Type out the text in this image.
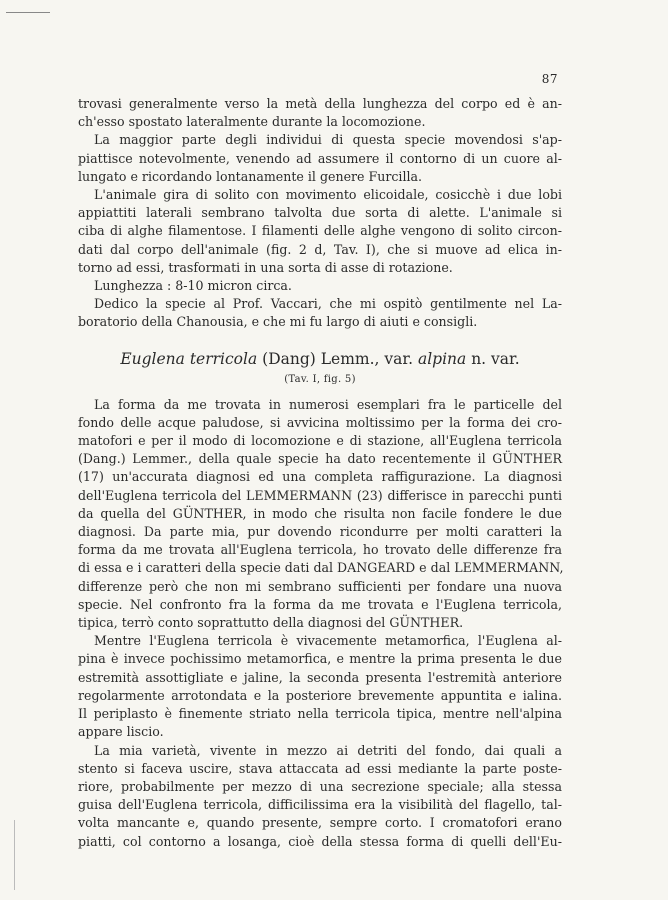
87
trovasi generalmente verso la metà della lunghezza del corpo ed è an-
ch'esso spostato lateralmente durante la locomozione.
La maggior parte degli individui di questa specie movendosi s'ap-
piattisce notevolmente, venendo ad assumere il contorno di un cuore al-
lungato e ricordando lontanamente il genere Furcilla.
L'animale gira di solito con movimento elicoidale, cosicchè i due lobi
appiattiti laterali sembrano talvolta due sorta di alette. L'animale si
ciba di alghe filamentose. I filamenti delle alghe vengono di solito circon-
dati dal corpo dell'animale (fig. 2 d, Tav. I), che si muove ad elica in-
torno ad essi, trasformati in una sorta di asse di rotazione.
Lunghezza : 8-10 micron circa.
Dedico la specie al Prof. Vaccari, che mi ospitò gentilmente nel La-
boratorio della Chanousia, e che mi fu largo di aiuti e consigli.
Euglena terricola (Dang) Lemm., var. alpina n. var.
(Tav. I, fig. 5)
La forma da me trovata in numerosi esemplari fra le particelle del
fondo delle acque paludose, si avvicina moltissimo per la forma dei cro-
matofori e per il modo di locomozione e di stazione, all'Euglena terricola
(Dang.) Lemmer., della quale specie ha dato recentemente il GÜNTHER
(17) un'accurata diagnosi ed una completa raffigurazione. La diagnosi
dell'Euglena terricola del LEMMERMANN (23) differisce in parecchi punti
da quella del GÜNTHER, in modo che risulta non facile fondere le due
diagnosi. Da parte mia, pur dovendo ricondurre per molti caratteri la
forma da me trovata all'Euglena terricola, ho trovato delle differenze fra
di essa e i caratteri della specie dati dal DANGEARD e dal LEMMERMANN,
differenze però che non mi sembrano sufficienti per fondare una nuova
specie. Nel confronto fra la forma da me trovata e l'Euglena terricola,
tipica, terrò conto soprattutto della diagnosi del GÜNTHER.
Mentre l'Euglena terricola è vivacemente metamorfica, l'Euglena al-
pina è invece pochissimo metamorfica, e mentre la prima presenta le due
estremità assottigliate e jaline, la seconda presenta l'estremità anteriore
regolarmente arrotondata e la posteriore brevemente appuntita e ialina.
Il periplasto è finemente striato nella terricola tipica, mentre nell'alpina
appare liscio.
La mia varietà, vivente in mezzo ai detriti del fondo, dai quali a
stento si faceva uscire, stava attaccata ad essi mediante la parte poste-
riore, probabilmente per mezzo di una secrezione speciale; alla stessa
guisa dell'Euglena terricola, difficilissima era la visibilità del flagello, tal-
volta mancante e, quando presente, sempre corto. I cromatofori erano
piatti, col contorno a losanga, cioè della stessa forma di quelli dell'Eu-
